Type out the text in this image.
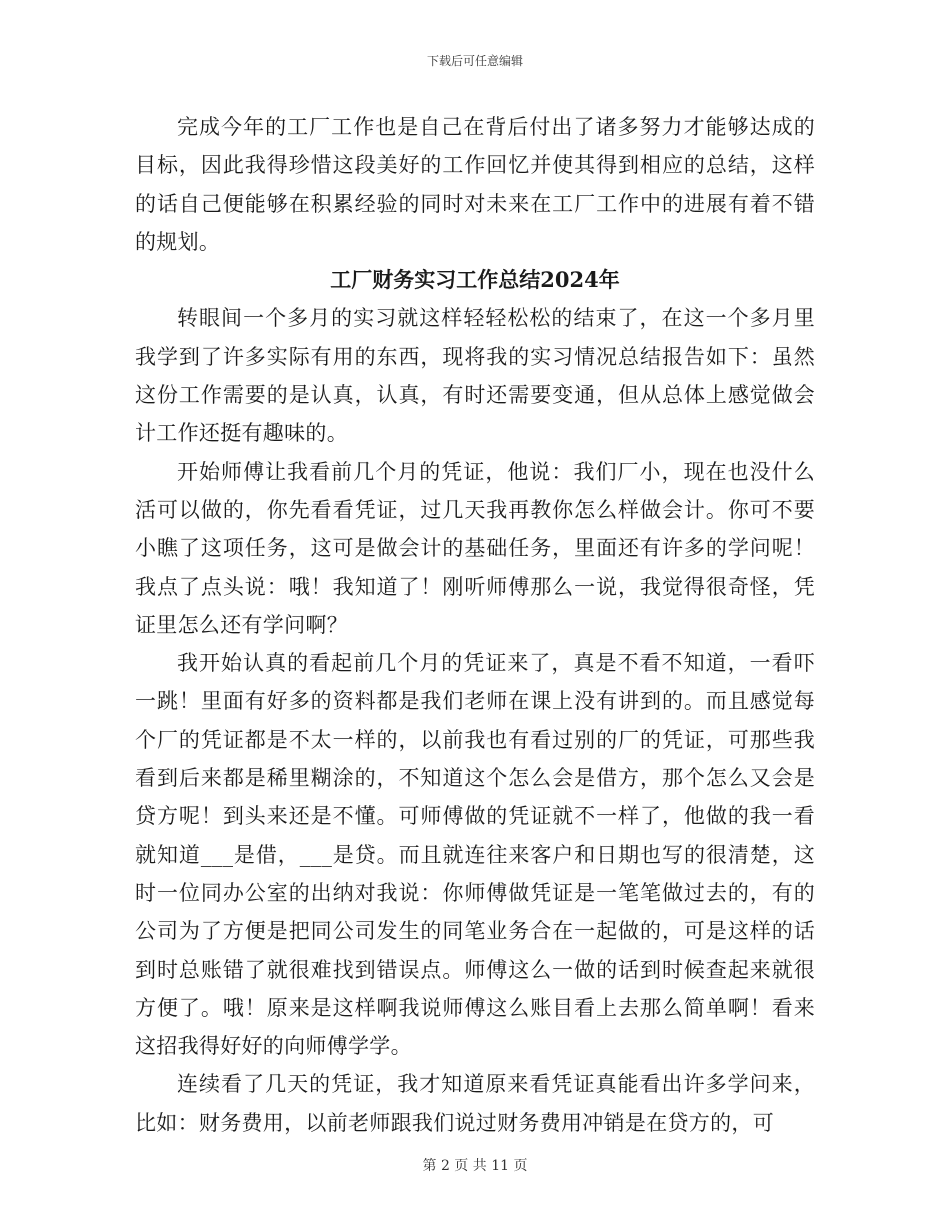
下载后可任意编辑

完成今年的工厂工作也是自己在背后付出了诸多努力才能够达成的目标，因此我得珍惜这段美好的工作回忆并使其得到相应的总结，这样的话自己便能够在积累经验的同时对未来在工厂工作中的进展有着不错的规划。

工厂财务实习工作总结2024年

转眼间一个多月的实习就这样轻轻松松的结束了，在这一个多月里我学到了许多实际有用的东西，现将我的实习情况总结报告如下：虽然这份工作需要的是认真，认真，有时还需要变通，但从总体上感觉做会计工作还挺有趣味的。

开始师傅让我看前几个月的凭证，他说：我们厂小，现在也没什么活可以做的，你先看看凭证，过几天我再教你怎么样做会计。你可不要小瞧了这项任务，这可是做会计的基础任务，里面还有许多的学问呢！我点了点头说：哦！我知道了！刚听师傅那么一说，我觉得很奇怪，凭证里怎么还有学问啊？

我开始认真的看起前几个月的凭证来了，真是不看不知道，一看吓一跳！里面有好多的资料都是我们老师在课上没有讲到的。而且感觉每个厂的凭证都是不太一样的，以前我也有看过别的厂的凭证，可那些我看到后来都是稀里糊涂的，不知道这个怎么会是借方，那个怎么又会是贷方呢！到头来还是不懂。可师傅做的凭证就不一样了，他做的我一看就知道___是借，___是贷。而且就连往来客户和日期也写的很清楚，这时一位同办公室的出纳对我说：你师傅做凭证是一笔笔做过去的，有的公司为了方便是把同公司发生的同笔业务合在一起做的，可是这样的话到时总账错了就很难找到错误点。师傅这么一做的话到时候查起来就很方便了。哦！原来是这样啊我说师傅这么账目看上去那么简单啊！看来这招我得好好的向师傅学学。

连续看了几天的凭证，我才知道原来看凭证真能看出许多学问来，比如：财务费用，以前老师跟我们说过财务费用冲销是在贷方的，可

第 2 页 共 11 页
